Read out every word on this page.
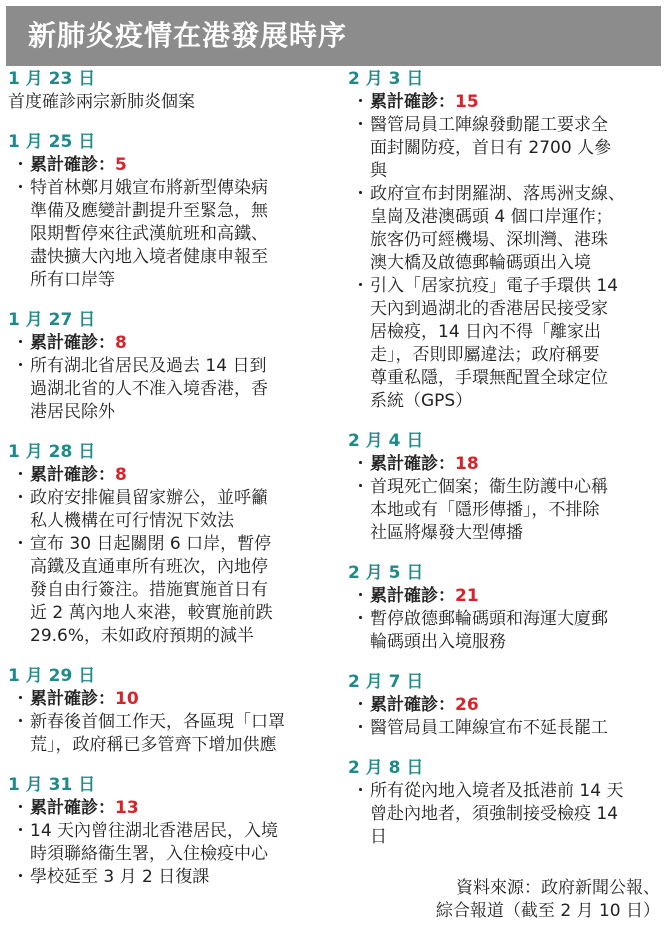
新肺炎疫情在港發展時序
1 月 23 日
首度確診兩宗新肺炎個案
1 月 25 日
・ 累計確診：5
・ 特首林鄭月娥宣布將新型傳染病
準備及應變計劃提升至緊急，無
限期暫停來往武漢航班和高鐵、
盡快擴大內地入境者健康申報至
所有口岸等
1 月 27 日
・ 累計確診：8
・ 所有湖北省居民及過去 14 日到
過湖北省的人不准入境香港，香
港居民除外
1 月 28 日
・ 累計確診：8
・ 政府安排僱員留家辦公，並呼籲
私人機構在可行情況下效法
・ 宣布 30 日起關閉 6 口岸，暫停
高鐵及直通車所有班次，內地停
發自由行簽注。措施實施首日有
近 2 萬內地人來港，較實施前跌
29.6%，未如政府預期的減半
1 月 29 日
・ 累計確診：10
・ 新春後首個工作天，各區現「口罩
荒」，政府稱已多管齊下增加供應
1 月 31 日
・ 累計確診：13
・ 14 天內曾往湖北香港居民，入境
時須聯絡衞生署，入住檢疫中心
・ 學校延至 3 月 2 日復課
2 月 3 日
・ 累計確診：15
・ 醫管局員工陣線發動罷工要求全
面封關防疫，首日有 2700 人參
與
・ 政府宣布封閉羅湖、落馬洲支線、
皇崗及港澳碼頭 4 個口岸運作；
旅客仍可經機場、深圳灣、港珠
澳大橋及啟德郵輪碼頭出入境
・ 引入「居家抗疫」電子手環供 14
天內到過湖北的香港居民接受家
居檢疫，14 日內不得「離家出
走」，否則即屬違法；政府稱要
尊重私隱，手環無配置全球定位
系統（GPS）
2 月 4 日
・ 累計確診：18
・ 首現死亡個案；衞生防護中心稱
本地或有「隱形傳播」，不排除
社區將爆發大型傳播
2 月 5 日
・ 累計確診：21
・ 暫停啟德郵輪碼頭和海運大廈郵
輪碼頭出入境服務
2 月 7 日
・ 累計確診：26
・ 醫管局員工陣線宣布不延長罷工
2 月 8 日
・ 所有從內地入境者及抵港前 14 天
曾赴內地者，須強制接受檢疫 14
日
資料來源：政府新聞公報、
綜合報道（截至 2 月 10 日）
